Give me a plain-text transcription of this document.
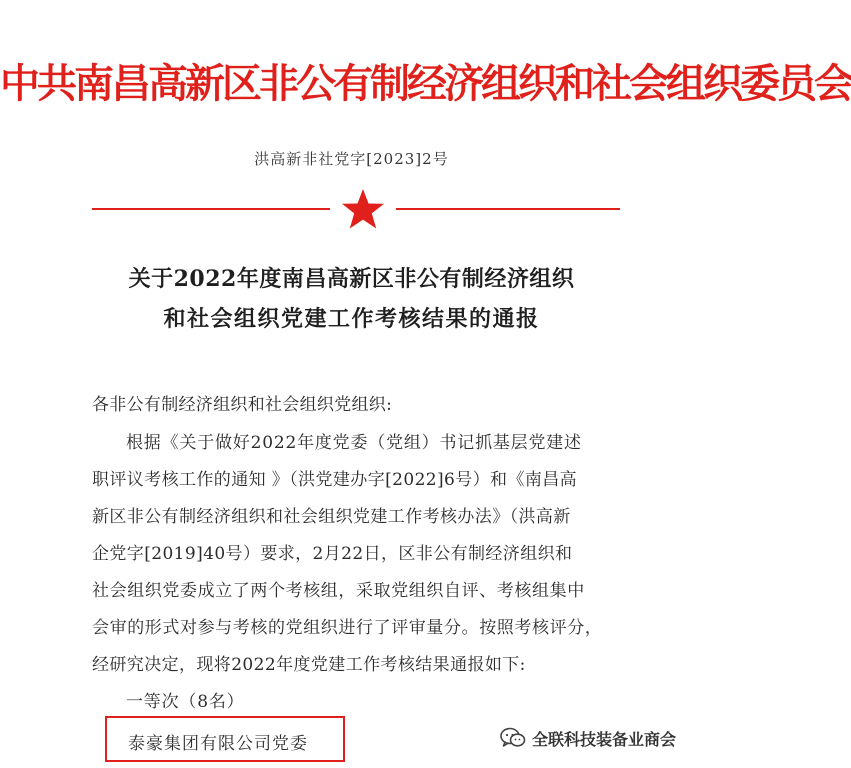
中共南昌高新区非公有制经济组织和社会组织委员会
洪高新非社党字[2023]2号
关于2022年度南昌高新区非公有制经济组织
和社会组织党建工作考核结果的通报
各非公有制经济组织和社会组织党组织:
根据《关于做好2022年度党委（党组）书记抓基层党建述
职评议考核工作的通知 》（洪党建办字[2022]6号）和《南昌高
新区非公有制经济组织和社会组织党建工作考核办法》（洪高新
企党字[2019]40号）要求，2月22日，区非公有制经济组织和
社会组织党委成立了两个考核组，采取党组织自评、考核组集中
会审的形式对参与考核的党组织进行了评审量分。按照考核评分，
经研究决定，现将2022年度党建工作考核结果通报如下:
一等次（8名）
泰豪集团有限公司党委	全联科技装备业商会
